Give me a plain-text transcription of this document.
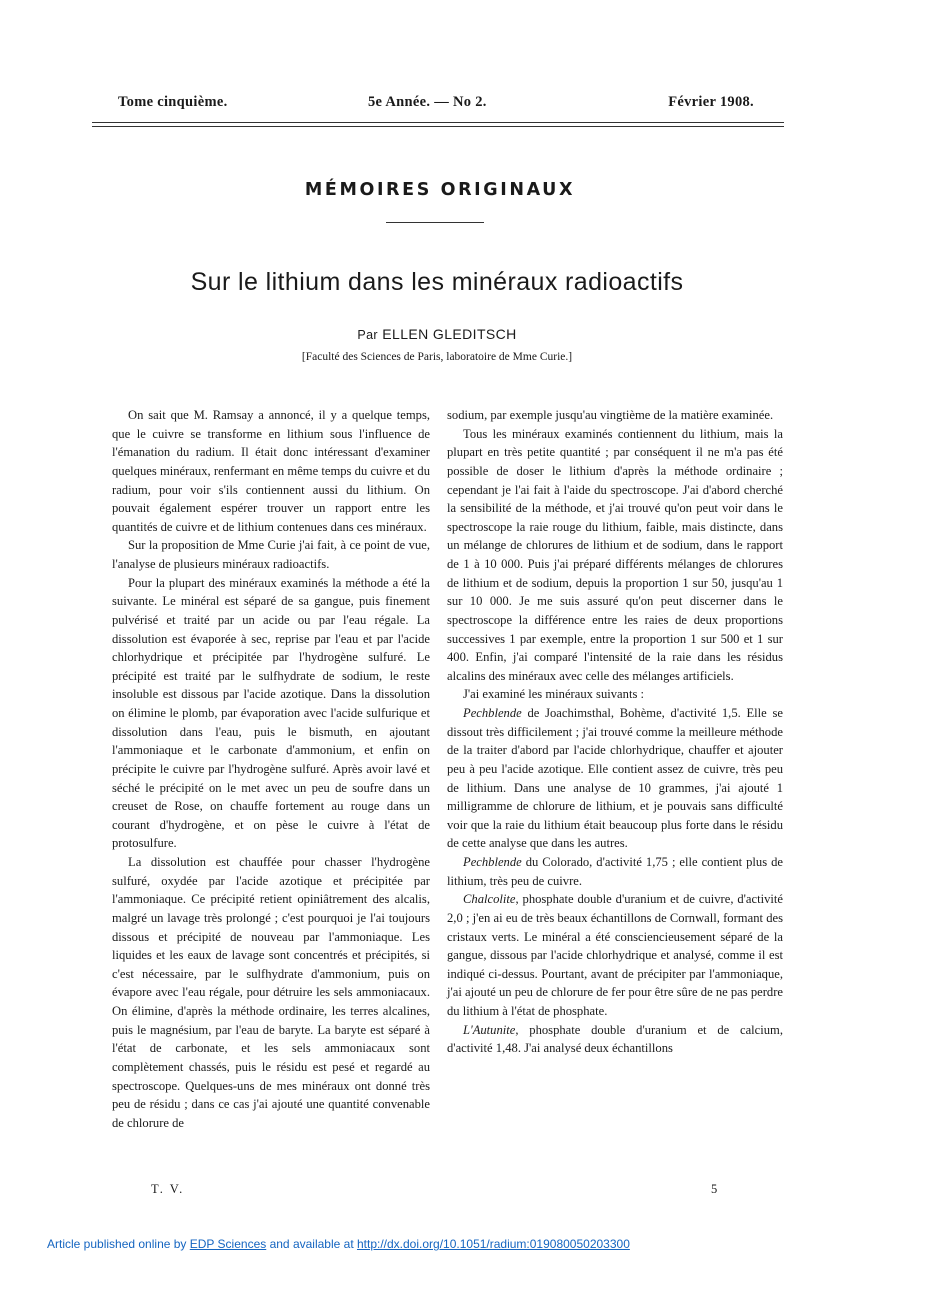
Tome cinquième.	5e Année. — No 2.	Février 1908.
MÉMOIRES ORIGINAUX
Sur le lithium dans les minéraux radioactifs
Par ELLEN GLEDITSCH
[Faculté des Sciences de Paris, laboratoire de Mme Curie.]

On sait que M. Ramsay a annoncé, il y a quelque temps, que le cuivre se transforme en lithium sous l'influence de l'émanation du radium. Il était donc intéressant d'examiner quelques minéraux, renfermant en même temps du cuivre et du radium, pour voir s'ils contiennent aussi du lithium. On pouvait également espérer trouver un rapport entre les quantités de cuivre et de lithium contenues dans ces minéraux.

Sur la proposition de Mme Curie j'ai fait, à ce point de vue, l'analyse de plusieurs minéraux radioactifs.

Pour la plupart des minéraux examinés la méthode a été la suivante. Le minéral est séparé de sa gangue, puis finement pulvérisé et traité par un acide ou par l'eau régale. La dissolution est évaporée à sec, reprise par l'eau et par l'acide chlorhydrique et précipitée par l'hydrogène sulfuré. Le précipité est traité par le sulfhydrate de sodium, le reste insoluble est dissous par l'acide azotique. Dans la dissolution on élimine le plomb, par évaporation avec l'acide sulfurique et dissolution dans l'eau, puis le bismuth, en ajoutant l'ammoniaque et le carbonate d'ammonium, et enfin on précipite le cuivre par l'hydrogène sulfuré. Après avoir lavé et séché le précipité on le met avec un peu de soufre dans un creuset de Rose, on chauffe fortement au rouge dans un courant d'hydrogène, et on pèse le cuivre à l'état de protosulfure.

La dissolution est chauffée pour chasser l'hydrogène sulfuré, oxydée par l'acide azotique et précipitée par l'ammoniaque. Ce précipité retient opiniâtrement des alcalis, malgré un lavage très prolongé ; c'est pourquoi je l'ai toujours dissous et précipité de nouveau par l'ammoniaque. Les liquides et les eaux de lavage sont concentrés et précipités, si c'est nécessaire, par le sulfhydrate d'ammonium, puis on évapore avec l'eau régale, pour détruire les sels ammoniacaux. On élimine, d'après la méthode ordinaire, les terres alcalines, puis le magnésium, par l'eau de baryte. La baryte est séparé à l'état de carbonate, et les sels ammoniacaux sont complètement chassés, puis le résidu est pesé et regardé au spectroscope. Quelques-uns de mes minéraux ont donné très peu de résidu ; dans ce cas j'ai ajouté une quantité convenable de chlorure de

sodium, par exemple jusqu'au vingtième de la matière examinée.

Tous les minéraux examinés contiennent du lithium, mais la plupart en très petite quantité ; par conséquent il ne m'a pas été possible de doser le lithium d'après la méthode ordinaire ; cependant je l'ai fait à l'aide du spectroscope. J'ai d'abord cherché la sensibilité de la méthode, et j'ai trouvé qu'on peut voir dans le spectroscope la raie rouge du lithium, faible, mais distincte, dans un mélange de chlorures de lithium et de sodium, dans le rapport de 1 à 10 000. Puis j'ai préparé différents mélanges de chlorures de lithium et de sodium, depuis la proportion 1 sur 50, jusqu'au 1 sur 10 000. Je me suis assuré qu'on peut discerner dans le spectroscope la différence entre les raies de deux proportions successives 1 par exemple, entre la proportion 1 sur 500 et 1 sur 400. Enfin, j'ai comparé l'intensité de la raie dans les résidus alcalins des minéraux avec celle des mélanges artificiels.

J'ai examiné les minéraux suivants :

Pechblende de Joachimsthal, Bohème, d'activité 1,5. Elle se dissout très difficilement ; j'ai trouvé comme la meilleure méthode de la traiter d'abord par l'acide chlorhydrique, chauffer et ajouter peu à peu l'acide azotique. Elle contient assez de cuivre, très peu de lithium. Dans une analyse de 10 grammes, j'ai ajouté 1 milligramme de chlorure de lithium, et je pouvais sans difficulté voir que la raie du lithium était beaucoup plus forte dans le résidu de cette analyse que dans les autres.

Pechblende du Colorado, d'activité 1,75 ; elle contient plus de lithium, très peu de cuivre.

Chalcolite, phosphate double d'uranium et de cuivre, d'activité 2,0 ; j'en ai eu de très beaux échantillons de Cornwall, formant des cristaux verts. Le minéral a été consciencieusement séparé de la gangue, dissous par l'acide chlorhydrique et analysé, comme il est indiqué ci-dessus. Pourtant, avant de précipiter par l'ammoniaque, j'ai ajouté un peu de chlorure de fer pour être sûre de ne pas perdre du lithium à l'état de phosphate.

L'Autunite, phosphate double d'uranium et de calcium, d'activité 1,48. J'ai analysé deux échantillons

T. V.	5
Article published online by EDP Sciences and available at http://dx.doi.org/10.1051/radium:019080050203300
